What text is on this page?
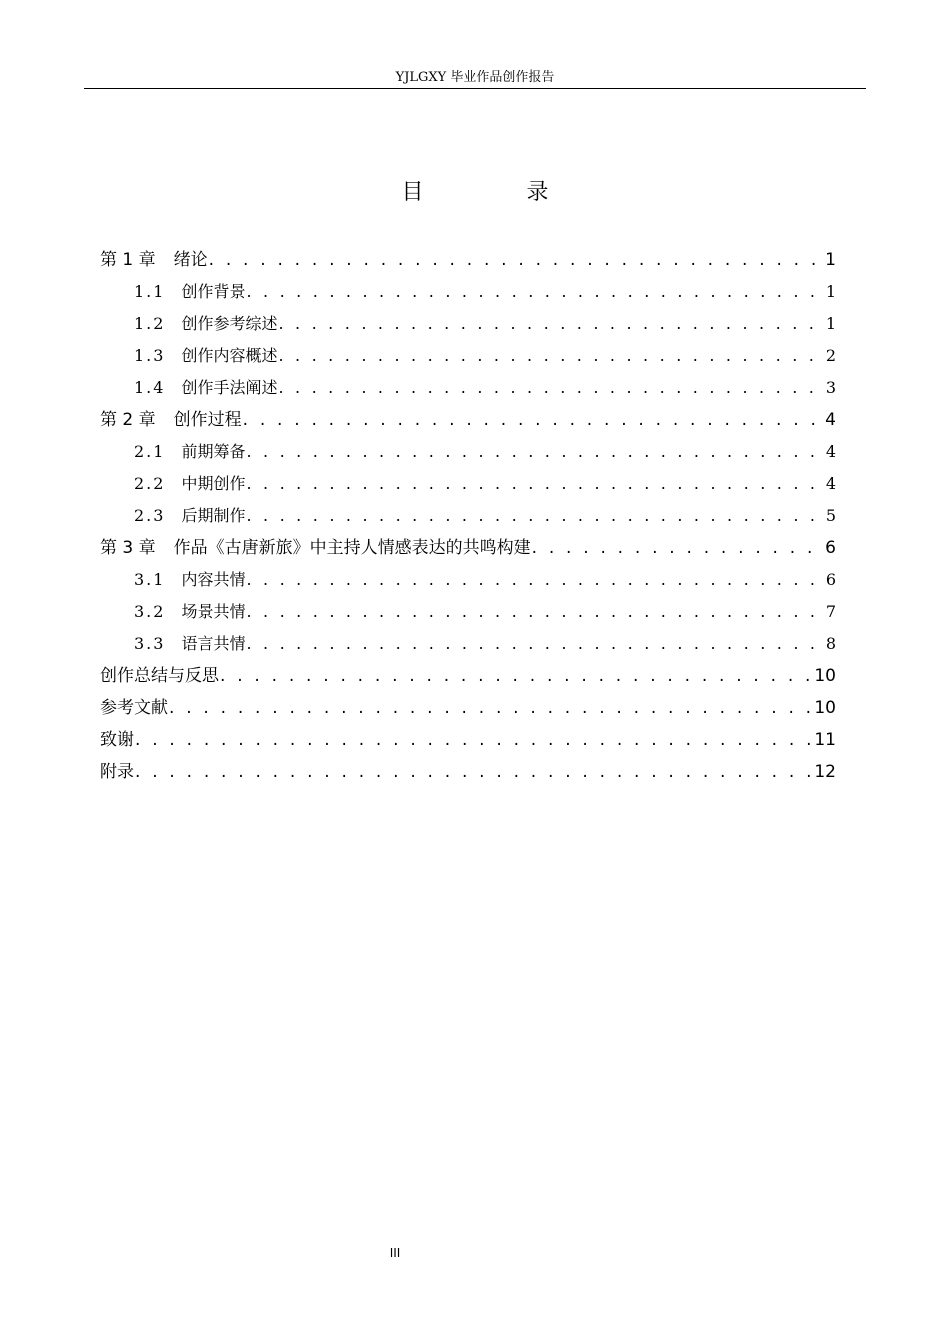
YJLGXY 毕业作品创作报告
目 录
第 1 章 绪论 . . .	1
1.1 创作背景 . . .	1
1.2 创作参考综述 . . .	1
1.3 创作内容概述 . . .	2
1.4 创作手法阐述 . . .	3
第 2 章 创作过程 . . .	4
2.1 前期筹备 . . .	4
2.2 中期创作 . . .	4
2.3 后期制作 . . .	5
第 3 章 作品《古唐新旅》中主持人情感表达的共鸣构建 . . .	6
3.1 内容共情 . . .	6
3.2 场景共情 . . .	7
3.3 语言共情 . . .	8
创作总结与反思 . . .	10
参考文献 . . .	10
致谢 . . .	11
附录 . . .	12
III
